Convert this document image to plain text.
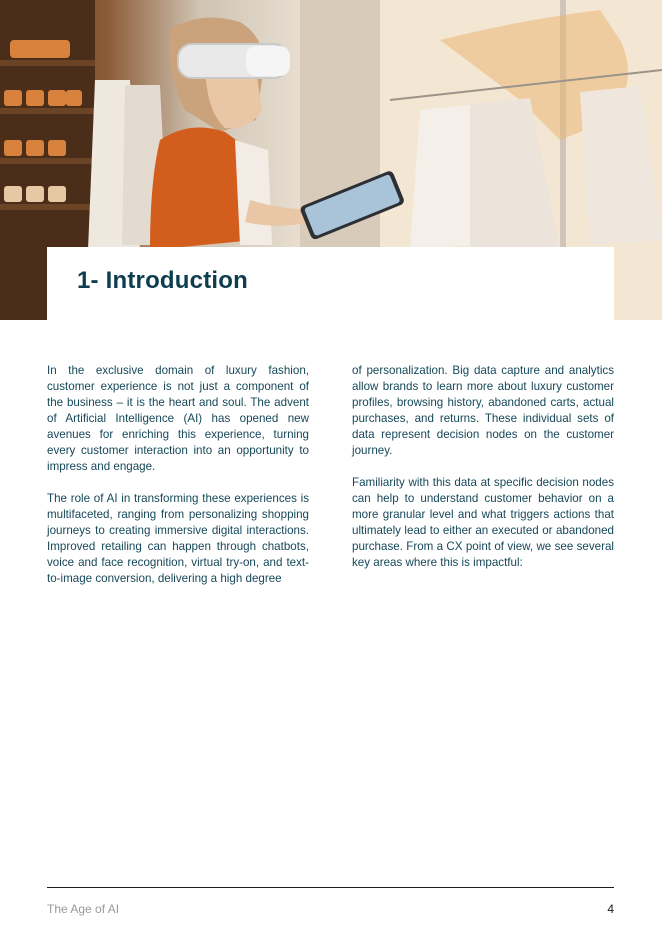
1- Introduction

In the exclusive domain of luxury fashion, customer experience is not just a component of the business – it is the heart and soul. The advent of Artificial Intelligence (AI) has opened new avenues for enriching this experience, turning every customer interaction into an opportunity to impress and engage.

The role of AI in transforming these experiences is multifaceted, ranging from personalizing shopping journeys to creating immersive digital interactions. Improved retailing can happen through chatbots, voice and face recognition, virtual try-on, and text-to-image conversion, delivering a high degree

of personalization. Big data capture and analytics allow brands to learn more about luxury customer profiles, browsing history, abandoned carts, actual purchases, and returns. These individual sets of data represent decision nodes on the customer journey.

Familiarity with this data at specific decision nodes can help to understand customer behavior on a more granular level and what triggers actions that ultimately lead to either an executed or abandoned purchase. From a CX point of view, we see several key areas where this is impactful:

The Age of AI	4
